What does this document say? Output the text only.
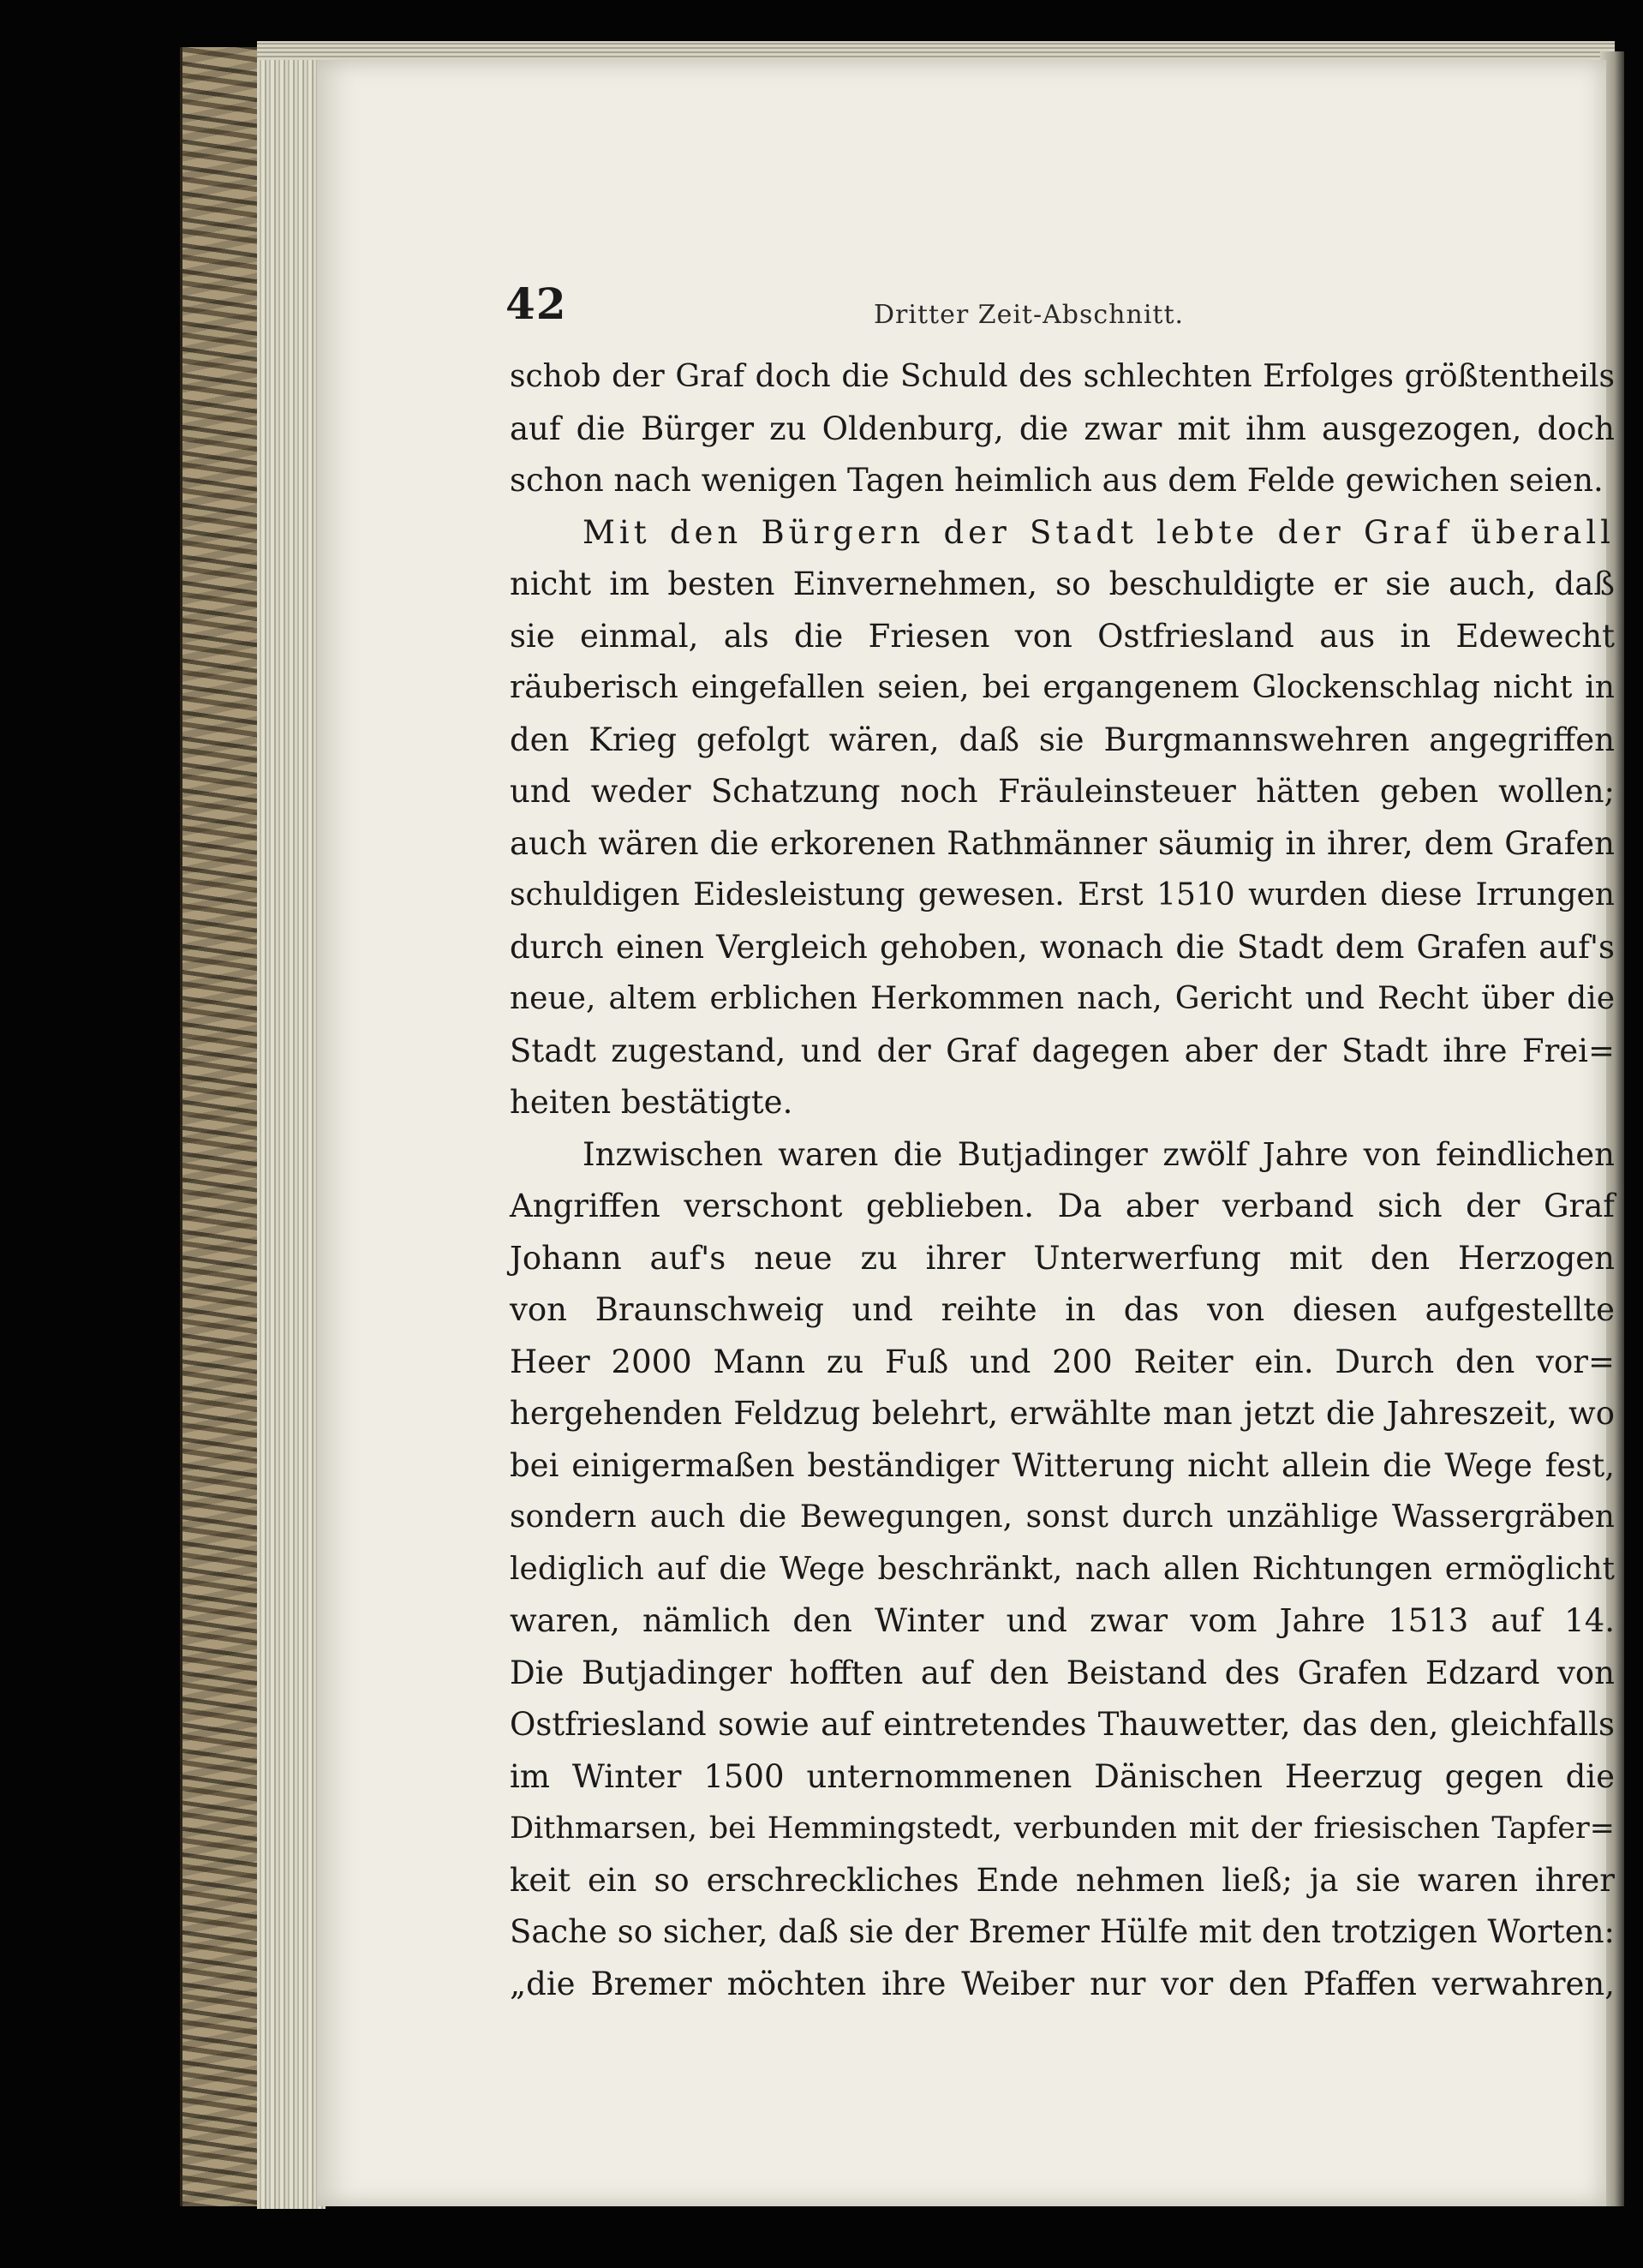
42	Dritter Zeit-Abschnitt.

schob der Graf doch die Schuld des schlechten Erfolges größtentheils
auf die Bürger zu Oldenburg, die zwar mit ihm ausgezogen, doch
schon nach wenigen Tagen heimlich aus dem Felde gewichen seien.

Mit den Bürgern der Stadt lebte der Graf überall
nicht im besten Einvernehmen, so beschuldigte er sie auch, daß
sie einmal, als die Friesen von Ostfriesland aus in Edewecht
räuberisch eingefallen seien, bei ergangenem Glockenschlag nicht in
den Krieg gefolgt wären, daß sie Burgmannswehren angegriffen
und weder Schatzung noch Fräuleinsteuer hätten geben wollen;
auch wären die erkorenen Rathmänner säumig in ihrer, dem Grafen
schuldigen Eidesleistung gewesen. Erst 1510 wurden diese Irrungen
durch einen Vergleich gehoben, wonach die Stadt dem Grafen auf's
neue, altem erblichen Herkommen nach, Gericht und Recht über die
Stadt zugestand, und der Graf dagegen aber der Stadt ihre Frei=
heiten bestätigte.

Inzwischen waren die Butjadinger zwölf Jahre von feindlichen
Angriffen verschont geblieben. Da aber verband sich der Graf
Johann auf's neue zu ihrer Unterwerfung mit den Herzogen
von Braunschweig und reihte in das von diesen aufgestellte
Heer 2000 Mann zu Fuß und 200 Reiter ein. Durch den vor=
hergehenden Feldzug belehrt, erwählte man jetzt die Jahreszeit, wo
bei einigermaßen beständiger Witterung nicht allein die Wege fest,
sondern auch die Bewegungen, sonst durch unzählige Wassergräben
lediglich auf die Wege beschränkt, nach allen Richtungen ermöglicht
waren, nämlich den Winter und zwar vom Jahre 1513 auf 14.
Die Butjadinger hofften auf den Beistand des Grafen Edzard von
Ostfriesland sowie auf eintretendes Thauwetter, das den, gleichfalls
im Winter 1500 unternommenen Dänischen Heerzug gegen die
Dithmarsen, bei Hemmingstedt, verbunden mit der friesischen Tapfer=
keit ein so erschreckliches Ende nehmen ließ; ja sie waren ihrer
Sache so sicher, daß sie der Bremer Hülfe mit den trotzigen Worten:
„die Bremer möchten ihre Weiber nur vor den Pfaffen verwahren,
